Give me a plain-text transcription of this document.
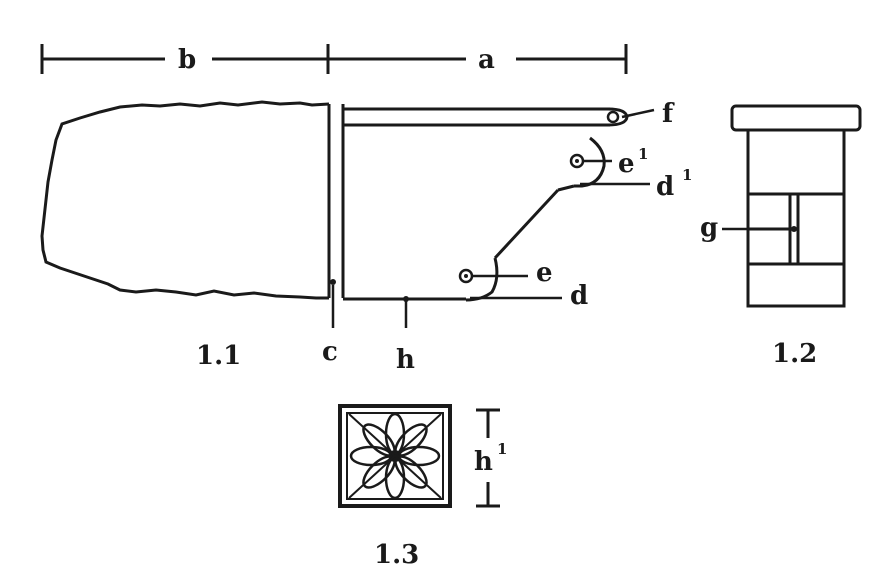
b	a
f
e 1
d 1
e
d
c h
1.1
g
1.2
h 1
1.3
